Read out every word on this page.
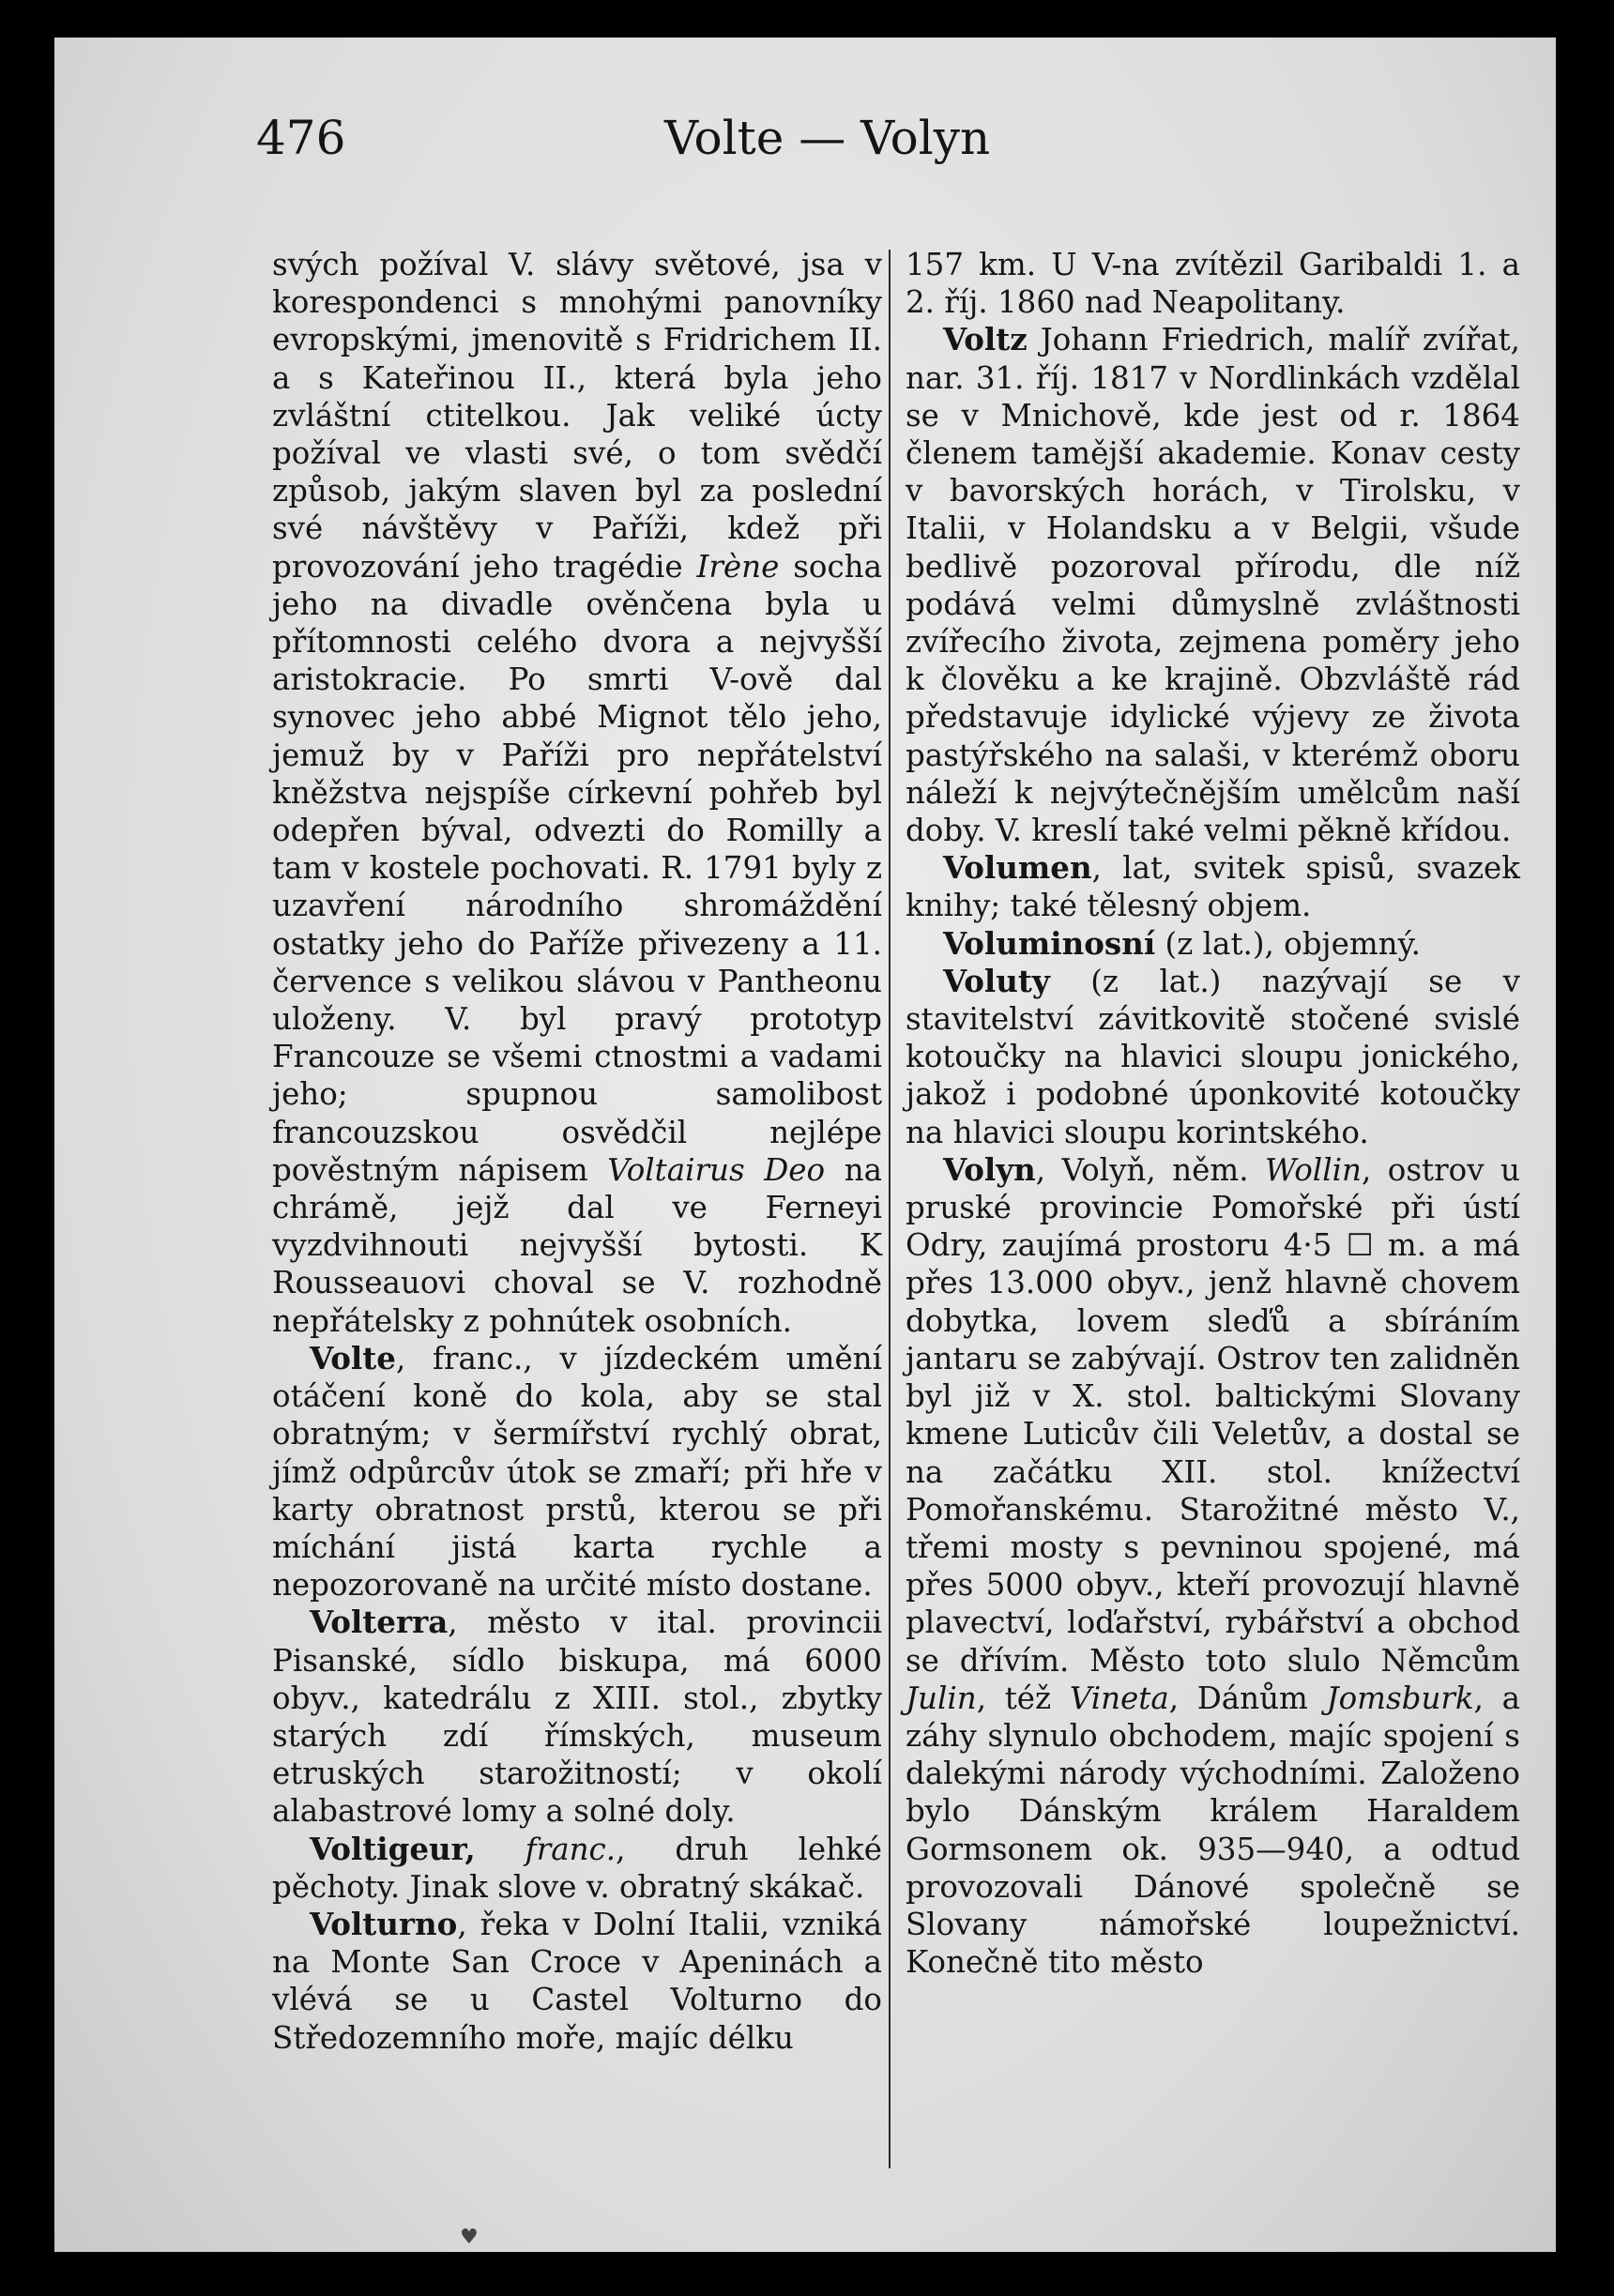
476	Volte — Volyn

svých požíval V. slávy světové, jsa v korespondenci s mnohými panovníky evropskými, jmenovitě s Fridrichem II. a s Kateřinou II., která byla jeho zvláštní ctitelkou. Jak veliké úcty požíval ve vlasti své, o tom svědčí způsob, jakým slaven byl za poslední své návštěvy v Paříži, kdež při provozování jeho tragédie Irène socha jeho na divadle ověnčena byla u přítomnosti celého dvora a nejvyšší aristokracie. Po smrti V-ově dal synovec jeho abbé Mignot tělo jeho, jemuž by v Paříži pro nepřátelství kněžstva nejspíše církevní pohřeb byl odepřen býval, odvezti do Romilly a tam v kostele pochovati. R. 1791 byly z uzavření národního shromáždění ostatky jeho do Paříže přivezeny a 11. července s velikou slávou v Pantheonu uloženy. V. byl pravý prototyp Francouze se všemi ctnostmi a vadami jeho; spupnou samolibost francouzskou osvědčil nejlépe pověstným nápisem Voltairus Deo na chrámě, jejž dal ve Ferneyi vyzdvihnouti nejvyšší bytosti. K Rousseauovi choval se V. rozhodně nepřátelsky z pohnútek osobních.

Volte, franc., v jízdeckém umění otáčení koně do kola, aby se stal obratným; v šermířství rychlý obrat, jímž odpůrcův útok se zmaří; při hře v karty obratnost prstů, kterou se při míchání jistá karta rychle a nepozorovaně na určité místo dostane.

Volterra, město v ital. provincii Pisanské, sídlo biskupa, má 6000 obyv., katedrálu z XIII. stol., zbytky starých zdí římských, museum etruských starožitností; v okolí alabastrové lomy a solné doly.

Voltigeur, franc., druh lehké pěchoty. Jinak slove v. obratný skákač.

Volturno, řeka v Dolní Italii, vzniká na Monte San Croce v Apeninách a vlévá se u Castel Volturno do Středozemního moře, majíc délku

157 km. U V-na zvítězil Garibaldi 1. a 2. říj. 1860 nad Neapolitany.

Voltz Johann Friedrich, malíř zvířat, nar. 31. říj. 1817 v Nordlinkách vzdělal se v Mnichově, kde jest od r. 1864 členem tamější akademie. Konav cesty v bavorských horách, v Tirolsku, v Italii, v Holandsku a v Belgii, všude bedlivě pozoroval přírodu, dle níž podává velmi důmyslně zvláštnosti zvířecího života, zejmena poměry jeho k člověku a ke krajině. Obzvláště rád představuje idylické výjevy ze života pastýřského na salaši, v kterémž oboru náleží k nejvýtečnějším umělcům naší doby. V. kreslí také velmi pěkně křídou.

Volumen, lat, svitek spisů, svazek knihy; také tělesný objem.

Voluminosní (z lat.), objemný.

Voluty (z lat.) nazývají se v stavitelství závitkovitě stočené svislé kotoučky na hlavici sloupu jonického, jakož i podobné úponkovité kotoučky na hlavici sloupu korintského.

Volyn, Volyň, něm. Wollin, ostrov u pruské provincie Pomořské při ústí Odry, zaujímá prostoru 4·5 ☐ m. a má přes 13.000 obyv., jenž hlavně chovem dobytka, lovem sleďů a sbíráním jantaru se zabývají. Ostrov ten zalidněn byl již v X. stol. baltickými Slovany kmene Luticův čili Veletův, a dostal se na začátku XII. stol. knížectví Pomořanskému. Starožitné město V., třemi mosty s pevninou spojené, má přes 5000 obyv., kteří provozují hlavně plavectví, loďařství, rybářství a obchod se dřívím. Město toto slulo Němcům Julin, též Vineta, Dánům Jomsburk, a záhy slynulo obchodem, majíc spojení s dalekými národy východními. Založeno bylo Dánským králem Haraldem Gormsonem ok. 935—940, a odtud provozovali Dánové společně se Slovany námořské loupežnictví. Konečně tito město

♥
